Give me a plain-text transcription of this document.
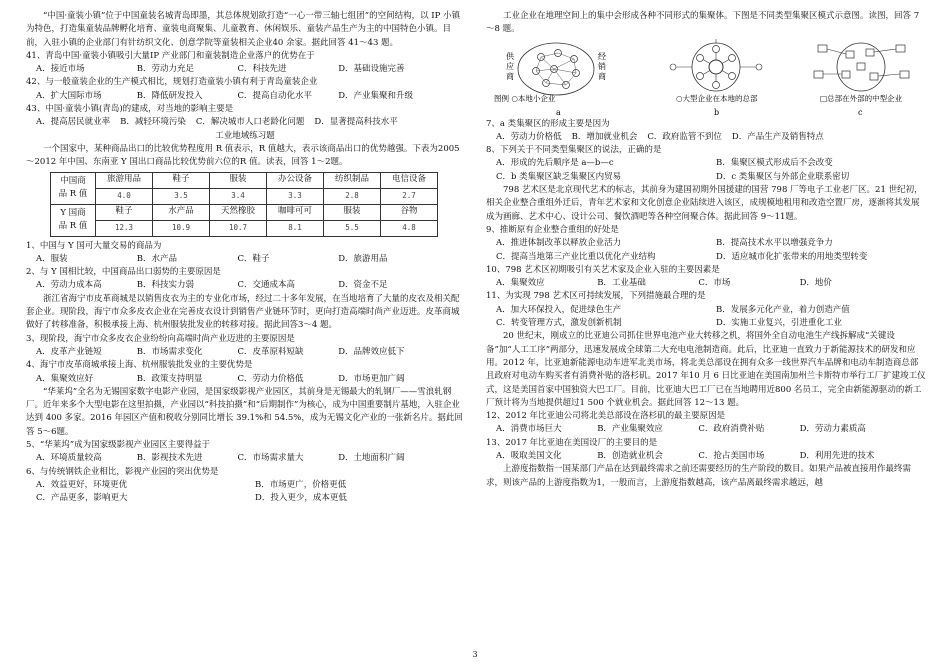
“中国·童装小镇”位于中国童装名城青岛即墨，其总体规划欲打造“一心一带三轴七组团”的空间结构，以 IP 小镇为特色，打造集童装品牌孵化培育、童装电商聚集、儿童教育、休闲娱乐、童装产品生产为主的中国特色小镇。目前，入驻小镇的企业部门有针纺织文化、创意学院等童装相关企业40 余家。据此回答 41～43 题。

41、青岛中国·童装小镇吸引大量IP 产业部门和童装制造企业落户的优势在于

A．接近市场	B．劳动力充足	C．科技先进	D．基础设施完善

42、与一般童装企业的生产模式相比，规划打造童装小镇有利于青岛童装企业

A．扩大国际市场	B．降低研发投入	C．提高自动化水平	D．产业集聚和升级

43、中国·童装小镇(青岛)的建成，对当地的影响主要是

A．提高居民就业率	B．减轻环境污染	C．解决城市人口老龄化问题	D．显著提高科技水平

工业地域练习题

一个国家中，某种商品出口的比较优势程度用 R 值表示，R 值越大，表示该商品出口的优势越强。下表为2005～2012 年中国、东南亚 Y 国出口商品比较优势前六位的R 值。读表，回答 1～2题。

中国商
品 R 值	旅游用品	鞋子	服装	办公设备	纺织制品	电信设备
	4.0	3.5	3.4	3.3	2.8	2.7

Y 国商
品 R 值	鞋子	水产品	天然橡胶	咖啡可可	服装	谷物
	12.3	10.9	10.7	8.1	5.5	4.8

1、中国与 Y 国可大量交易的商品为

A．服装	B．水产品	C．鞋子	D．旅游用品

2、与 Y 国相比较，中国商品出口弱势的主要原因是

A．劳动力成本高	B．科技实力弱	C．交通成本高	D．资金不足

浙江省海宁市皮革商城是以销售皮衣为主的专业化市场，经过二十多年发展，在当地培育了大量的皮衣及相关配套企业。现阶段，海宁市众多皮衣企业在完善皮衣设计到销售产业链环节时，更向打造高端时尚产业迈进。皮革商城做好了转移准备，积极承接上海、杭州服装批发业的转移对接。据此回答3～4 题。

3、现阶段，海宁市众多皮衣企业纷纷向高端时尚产业迈进的主要原因是

A．皮革产业链短	B．市场需求变化	C．皮革原料短缺	D．品牌效应低下

4、海宁市皮革商城承接上海、杭州服装批发业的主要优势是

A．集聚效应好	B．政策支持明显	C．劳动力价格低	D．市场更加广阔

“华莱坞”全名为无锡国家数字电影产业园，是国家级影视产业园区，其前身是无锡最大的轧钢厂——雪浪轧钢厂。近年来多个大型电影在这里拍摄，产业园以“科技拍摄”和“后期制作”为核心，成为中国重要制片基地，入驻企业达到 400 多家。2016 年园区产值和税收分别同比增长 39.1%和 54.5%，成为无锡文化产业的一张新名片。据此回答 5～6题。

5、“华莱坞”成为国家级影视产业园区主要得益于

A．环境质量较高	B．影视技术先进	C．市场需求量大	D．土地面积广阔

6、与传统钢铁企业相比，影视产业园的突出优势是

A．效益更好，环境更优	B．市场更广，价格更低
C．产品更多，影响更大	D．投入更少，成本更低

工业企业在地理空间上的集中会形成各种不同形式的集聚体。下图是不同类型集聚区模式示意图。读图，回答 7～8 题。

供
应
商
经
销
商
图例 ○本地小企业
a
○大型企业在本地的总部
b
□总部在外部的中型企业
c

7、a 类集聚区的形成主要是因为

A．劳动力价格低	B．增加就业机会	C．政府监管不到位	D．产品生产及销售特点

8、下列关于不同类型集聚区的说法，正确的是

A．形成的先后顺序是 a—b—c	B．集聚区模式形成后不会改变
C．b 类集聚区缺乏集聚区内贸易	D．c 类集聚区与外部企业联系密切

798 艺术区是北京现代艺术的标志，其前身为建国初期外国援建的国营 798 厂等电子工业老厂区。21 世纪初，相关企业整合重组外迁后，青年艺术家和文化创意企业陆续进入该区，成规模地租用和改造空置厂房，逐渐将其发展成为画廊、艺术中心、设计公司、餐饮酒吧等各种空间聚合体。据此回答 9～11题。

9、推断原有企业整合重组的好处是

A．推进体制改革以释放企业活力	B．提高技术水平以增强竞争力
C．提高当地第三产业比重以优化产业结构	D．适应城市化扩张带来的用地类型转变

10、798 艺术区初期吸引有关艺术家及企业入驻的主要因素是

A．集聚效应	B．工业基础	C．市场	D．地价

11、为实现 798 艺术区可持续发展，下列措施最合理的是

A．加大环保投入，促进绿色生产	B．发展多元化产业，着力创造产值
C．转变管理方式，激发创新机制	D．实施工业复兴，引进重化工业

20 世纪末，刚成立的比亚迪公司抓住世界电池产业大转移之机，将国外全自动电池生产线拆解成“关键设备”加“人工工序”两部分，迅速发展成全球第二大充电电池制造商。此后，比亚迪一直致力于新能源技术的研发和应用。2012 年，比亚迪新能源电动车进军北美市场，将北美总部设在拥有众多一线世界汽车品牌和电动车制造商总部且政府对电动车购买者有消费补贴的洛杉矶。2017 年10 月 6 日比亚迪在美国南加州兰卡斯特市举行工厂扩建竣工仪式，这是美国首家中国独资大巴工厂。目前，比亚迪大巴工厂已在当地聘用近800 名员工，完全由新能源驱动的新工厂预计将为当地提供超过1 500 个就业机会。据此回答 12～13 题。

12、2012 年比亚迪公司将北美总部设在洛杉矶的最主要原因是

A．消费市场巨大	B．产业集聚效应	C．政府消费补贴	D．劳动力素质高

13、2017 年比亚迪在美国设厂的主要目的是

A．吸取美国文化	B．创造就业机会	C．抢占美国市场	D．利用先进的技术

上游度指数指一国某部门产品在达到最终需求之前还需要经历的生产阶段的数目。如果产品被直接用作最终需求，则该产品的上游度指数为1，一般而言，上游度指数越高，该产品离最终需求越远，越

3
